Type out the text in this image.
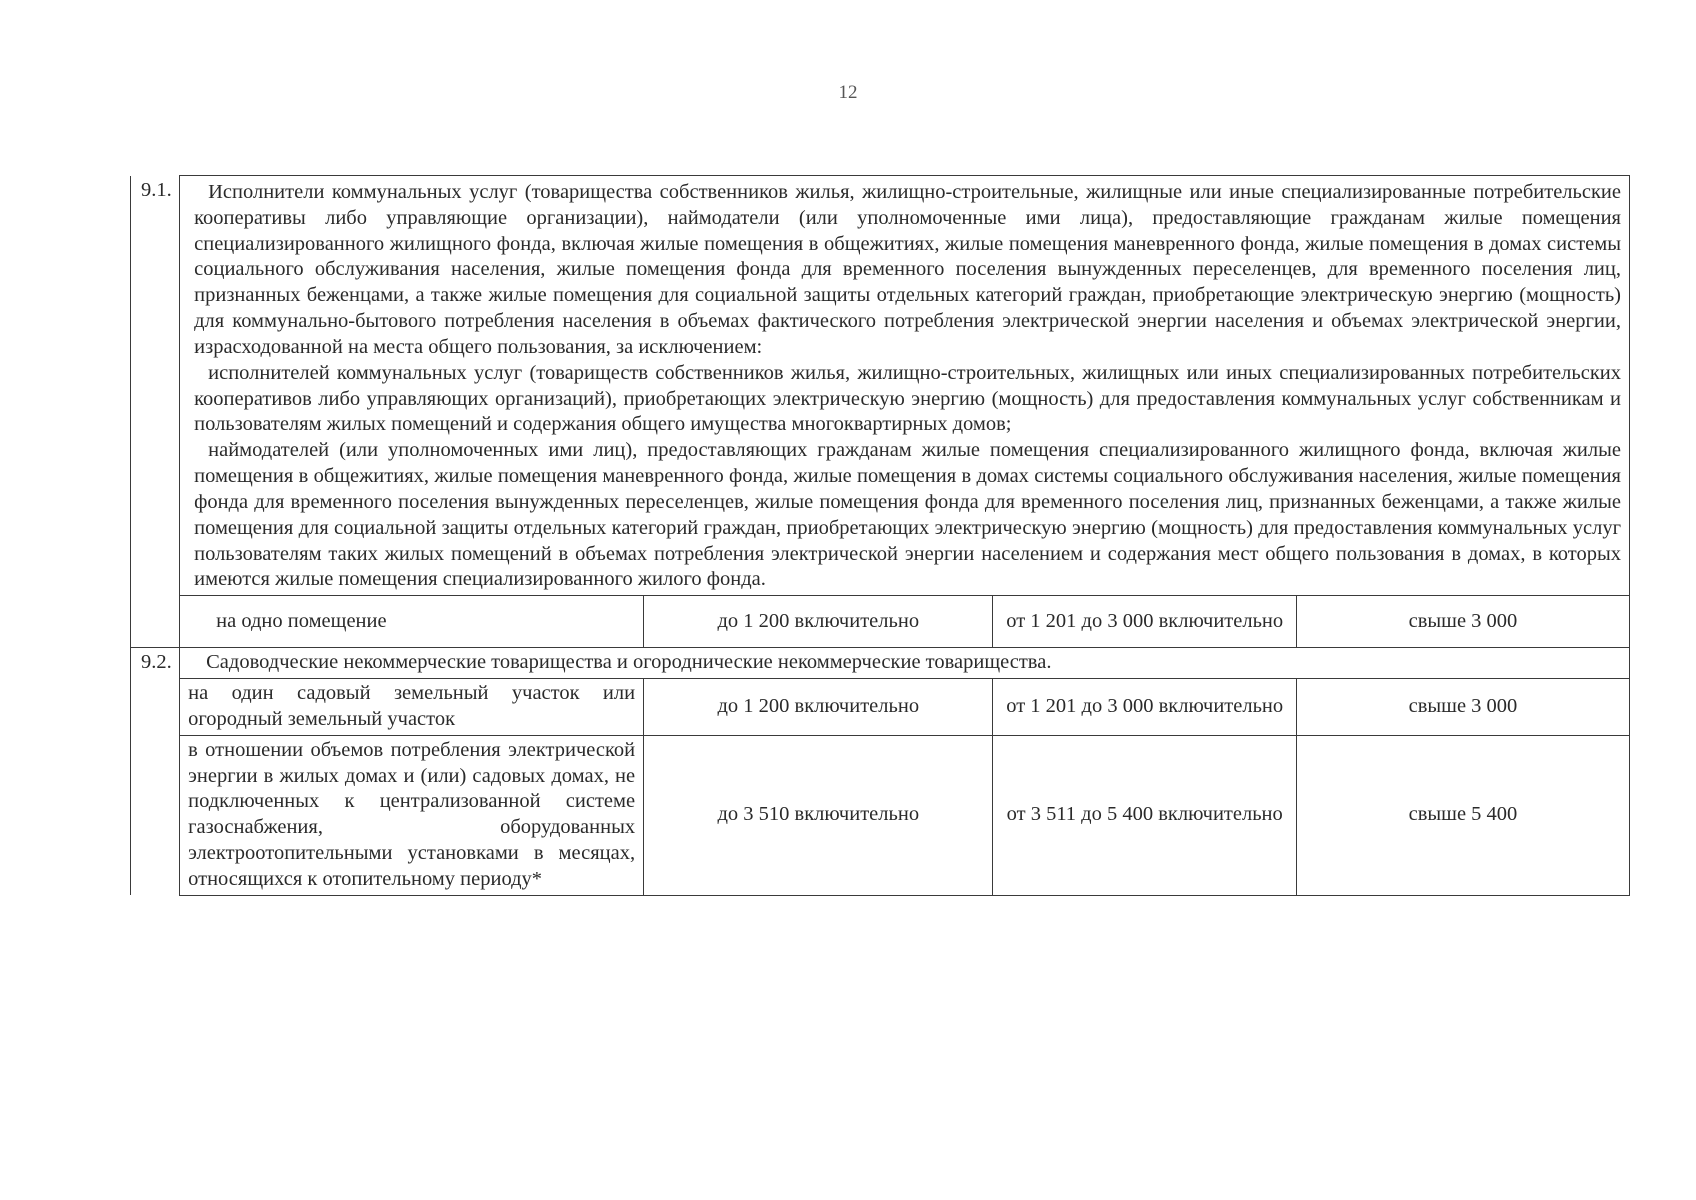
12
9.1.	Исполнители коммунальных услуг (товарищества собственников жилья, жилищно-строительные, жилищные или иные специализированные потребительские кооперативы либо управляющие организации), наймодатели (или уполномоченные ими лица), предоставляющие гражданам жилые помещения специализированного жилищного фонда, включая жилые помещения в общежитиях, жилые помещения маневренного фонда, жилые помещения в домах системы социального обслуживания населения, жилые помещения фонда для временного поселения вынужденных переселенцев, для временного поселения лиц, признанных беженцами, а также жилые помещения для социальной защиты отдельных категорий граждан, приобретающие электрическую энергию (мощность) для коммунально-бытового потребления населения в объемах фактического потребления электрической энергии населения и объемах электрической энергии, израсходованной на места общего пользования, за исключением:

исполнителей коммунальных услуг (товариществ собственников жилья, жилищно-строительных, жилищных или иных специализированных потребительских кооперативов либо управляющих организаций), приобретающих электрическую энергию (мощность) для предоставления коммунальных услуг собственникам и пользователям жилых помещений и содержания общего имущества многоквартирных домов;

наймодателей (или уполномоченных ими лиц), предоставляющих гражданам жилые помещения специализированного жилищного фонда, включая жилые помещения в общежитиях, жилые помещения маневренного фонда, жилые помещения в домах системы социального обслуживания населения, жилые помещения фонда для временного поселения вынужденных переселенцев, жилые помещения фонда для временного поселения лиц, признанных беженцами, а также жилые помещения для социальной защиты отдельных категорий граждан, приобретающих электрическую энергию (мощность) для предоставления коммунальных услуг пользователям таких жилых помещений в объемах потребления электрической энергии населением и содержания мест общего пользования в домах, в которых имеются жилые помещения специализированного жилого фонда.			

	на одно помещение	до 1 200 включительно	от 1 201 до 3 000 включительно	свыше 3 000
9.2.	Садоводческие некоммерческие товарищества и огороднические некоммерческие товарищества.			
	на один садовый земельный участок или огородный земельный участок	до 1 200 включительно	от 1 201 до 3 000 включительно	свыше 3 000
	в отношении объемов потребления электрической энергии в жилых домах и (или) садовых домах, не подключенных к централизованной системе газоснабжения, оборудованных электроотопительными установками в месяцах, относящихся к отопительному периоду*	до 3 510 включительно	от 3 511 до 5 400 включительно	свыше 5 400
